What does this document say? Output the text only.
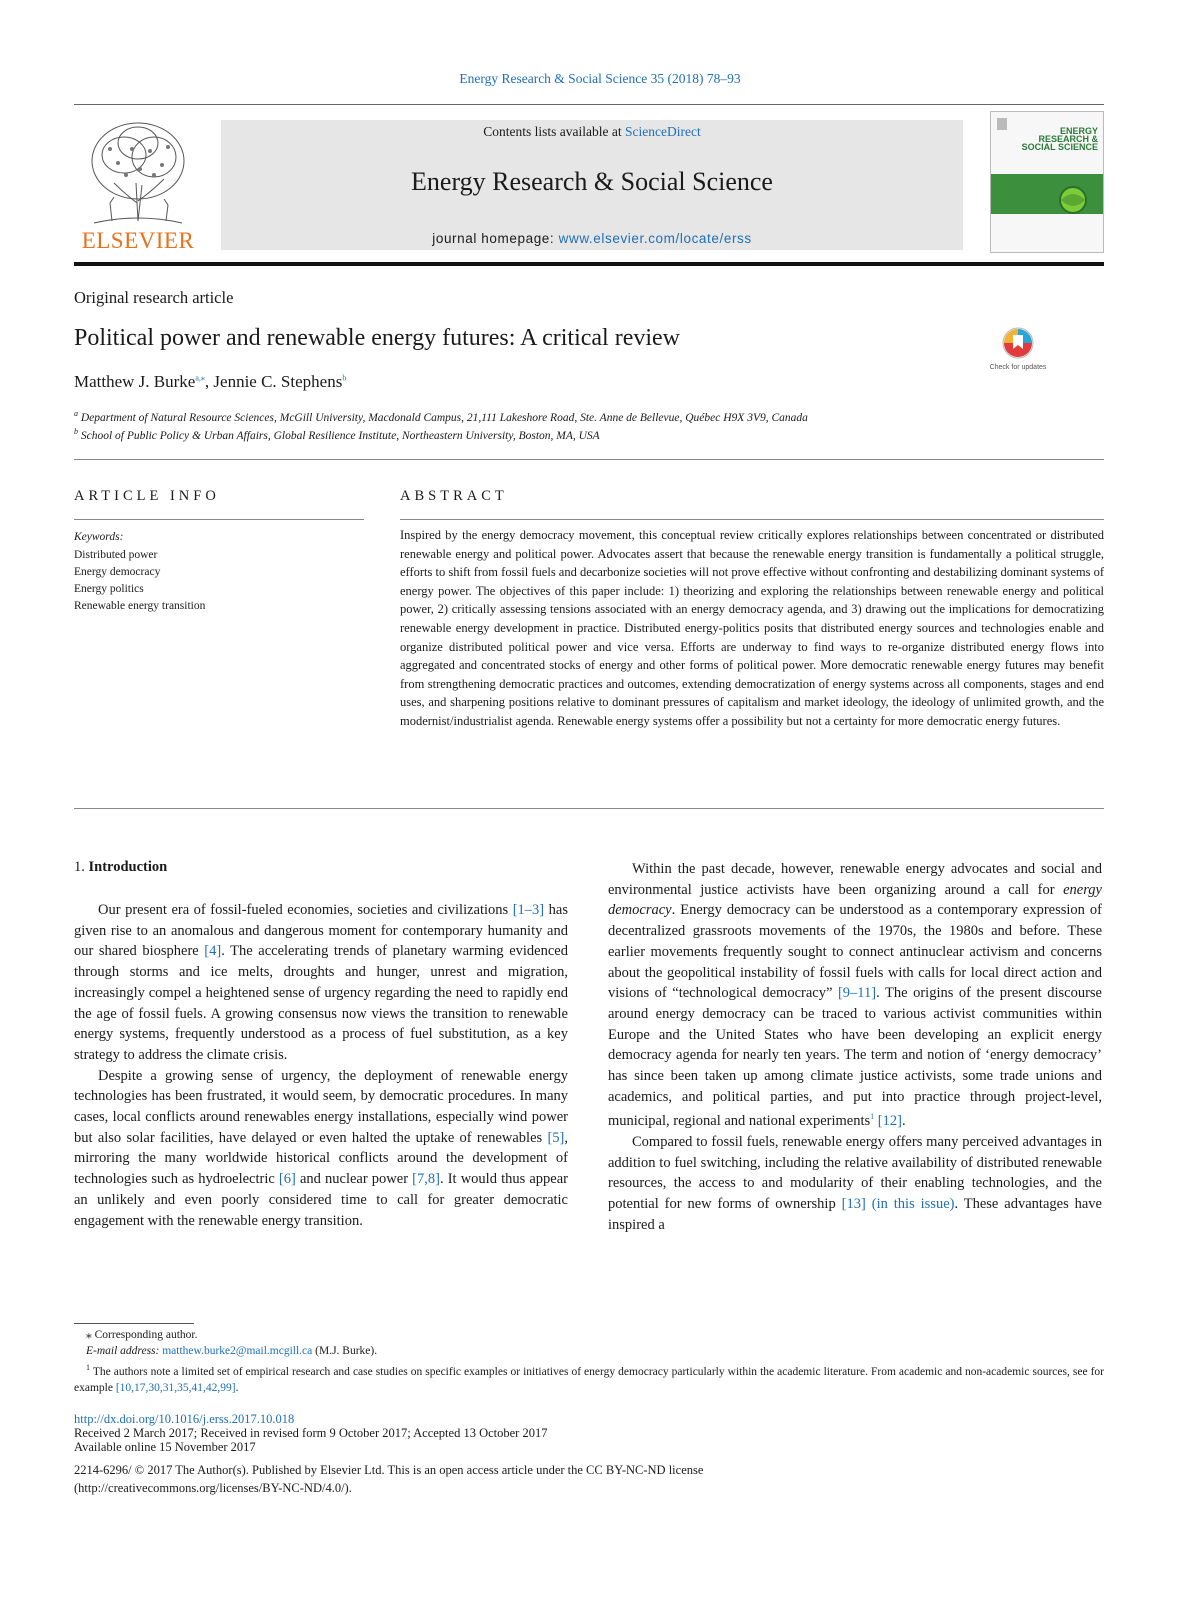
Energy Research & Social Science 35 (2018) 78–93
ELSEVIER
Contents lists available at ScienceDirect
Energy Research & Social Science
journal homepage: www.elsevier.com/locate/erss
ENERGY RESEARCH & SOCIAL SCIENCE
Original research article
Political power and renewable energy futures: A critical review
Check for updates
Matthew J. Burke$^{a,⁎}$, Jennie C. Stephens$^b$
$^a$ Department of Natural Resource Sciences, McGill University, Macdonald Campus, 21,111 Lakeshore Road, Ste. Anne de Bellevue, Québec H9X 3V9, Canada
$^b$ School of Public Policy & Urban Affairs, Global Resilience Institute, Northeastern University, Boston, MA, USA
ARTICLE INFO	ABSTRACT
Keywords:
Distributed power
Energy democracy
Energy politics
Renewable energy transition
Inspired by the energy democracy movement, this conceptual review critically explores relationships between concentrated or distributed renewable energy and political power. Advocates assert that because the renewable energy transition is fundamentally a political struggle, efforts to shift from fossil fuels and decarbonize societies will not prove effective without confronting and destabilizing dominant systems of energy power. The objectives of this paper include: 1) theorizing and exploring the relationships between renewable energy and political power, 2) critically assessing tensions associated with an energy democracy agenda, and 3) drawing out the implications for democratizing renewable energy development in practice. Distributed energy-politics posits that distributed energy sources and technologies enable and organize distributed political power and vice versa. Efforts are underway to find ways to re-organize distributed energy flows into aggregated and concentrated stocks of energy and other forms of political power. More democratic renewable energy futures may benefit from strengthening democratic practices and outcomes, extending democratization of energy systems across all components, stages and end uses, and sharpening positions relative to dominant pressures of capitalism and market ideology, the ideology of unlimited growth, and the modernist/industrialist agenda. Renewable energy systems offer a possibility but not a certainty for more democratic energy futures.
1. Introduction

Our present era of fossil-fueled economies, societies and civilizations [1–3] has given rise to an anomalous and dangerous moment for contemporary humanity and our shared biosphere [4]. The accelerating trends of planetary warming evidenced through storms and ice melts, droughts and hunger, unrest and migration, increasingly compel a heightened sense of urgency regarding the need to rapidly end the age of fossil fuels. A growing consensus now views the transition to renewable energy systems, frequently understood as a process of fuel substitution, as a key strategy to address the climate crisis.

Despite a growing sense of urgency, the deployment of renewable energy technologies has been frustrated, it would seem, by democratic procedures. In many cases, local conflicts around renewables energy installations, especially wind power but also solar facilities, have delayed or even halted the uptake of renewables [5], mirroring the many worldwide historical conflicts around the development of technologies such as hydroelectric [6] and nuclear power [7,8]. It would thus appear an unlikely and even poorly considered time to call for greater democratic engagement with the renewable energy transition.

Within the past decade, however, renewable energy advocates and social and environmental justice activists have been organizing around a call for energy democracy. Energy democracy can be understood as a contemporary expression of decentralized grassroots movements of the 1970s, the 1980s and before. These earlier movements frequently sought to connect antinuclear activism and concerns about the geopolitical instability of fossil fuels with calls for local direct action and visions of “technological democracy” [9–11]. The origins of the present discourse around energy democracy can be traced to various activist communities within Europe and the United States who have been developing an explicit energy democracy agenda for nearly ten years. The term and notion of ‘energy democracy’ has since been taken up among climate justice activists, some trade unions and academics, and political parties, and put into practice through project-level, municipal, regional and national experiments$^1$ [12].

Compared to fossil fuels, renewable energy offers many perceived advantages in addition to fuel switching, including the relative availability of distributed renewable resources, the access to and modularity of their enabling technologies, and the potential for new forms of ownership [13] (in this issue). These advantages have inspired a

⁎ Corresponding author.
E-mail address: matthew.burke2@mail.mcgill.ca (M.J. Burke).
$^1$ The authors note a limited set of empirical research and case studies on specific examples or initiatives of energy democracy particularly within the academic literature. From academic and non-academic sources, see for example [10,17,30,31,35,41,42,99].
http://dx.doi.org/10.1016/j.erss.2017.10.018
Received 2 March 2017; Received in revised form 9 October 2017; Accepted 13 October 2017
Available online 15 November 2017
2214-6296/ © 2017 The Author(s). Published by Elsevier Ltd. This is an open access article under the CC BY-NC-ND license
(http://creativecommons.org/licenses/BY-NC-ND/4.0/).
